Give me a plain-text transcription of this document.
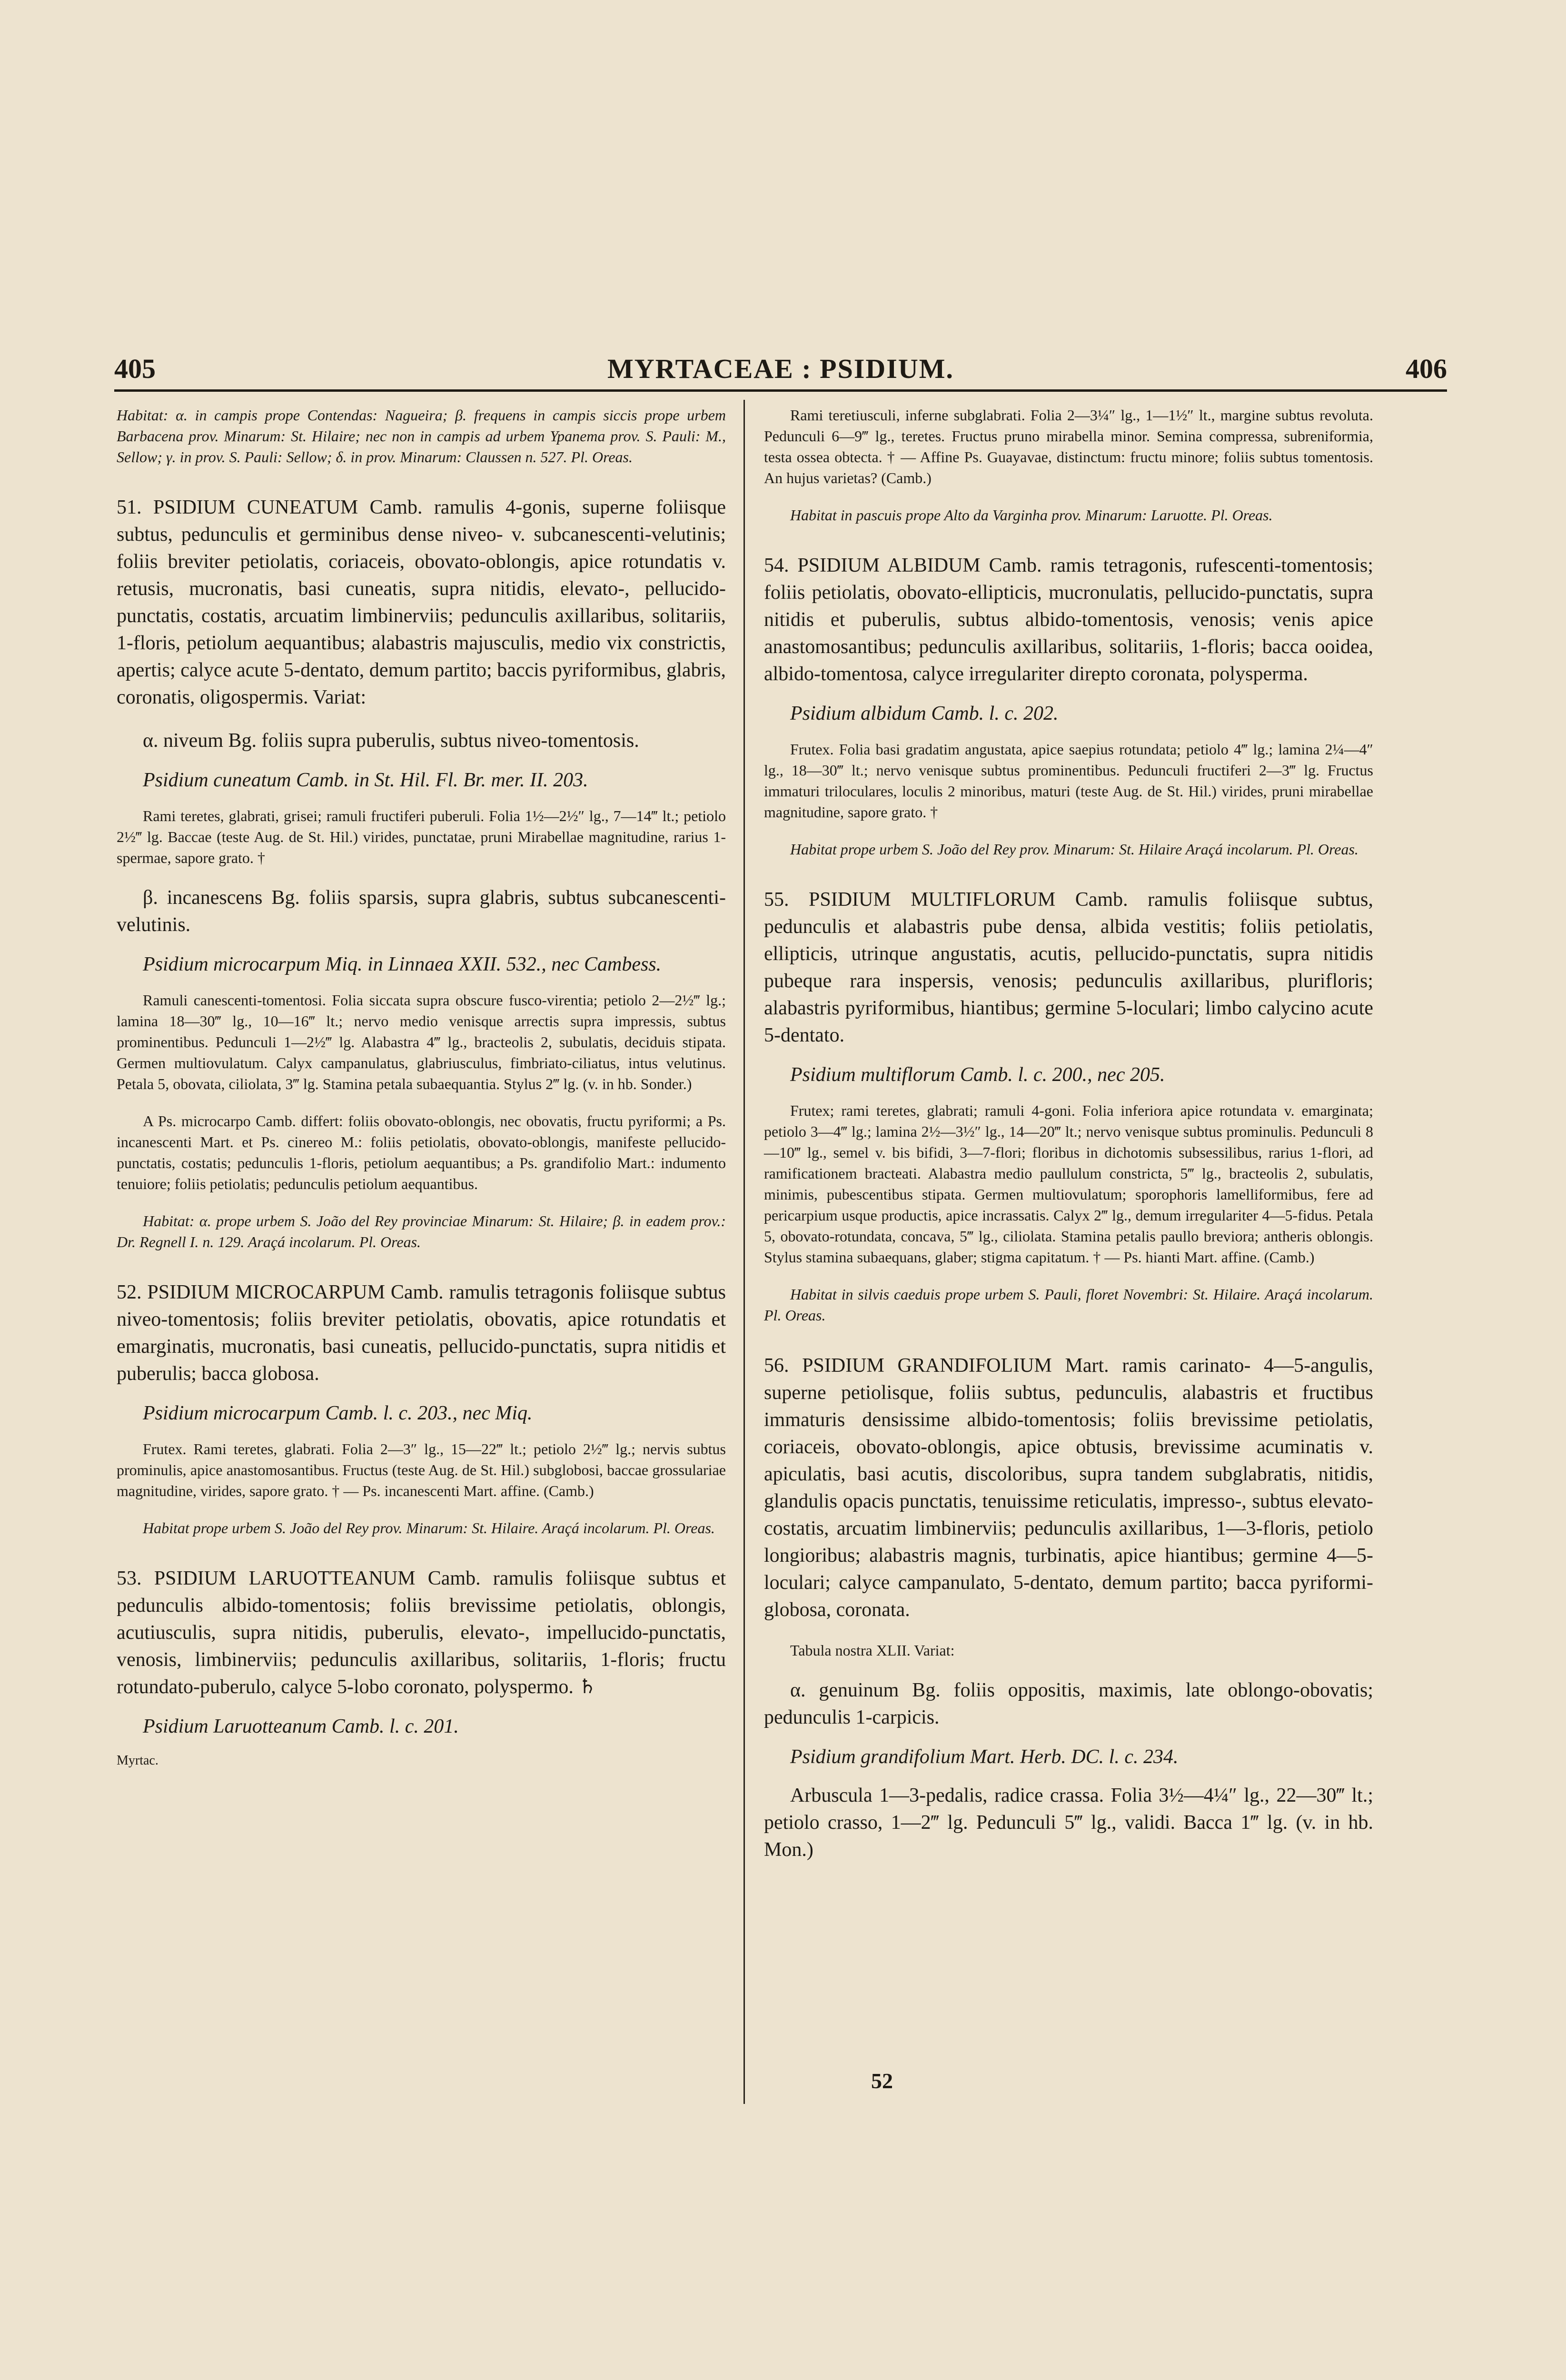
405	MYRTACEAE : PSIDIUM.	406

Habitat: α. in campis prope Contendas: Nagueira; β. frequens in campis siccis prope urbem Barbacena prov. Minarum: St. Hilaire; nec non in campis ad urbem Ypanema prov. S. Pauli: M., Sellow; γ. in prov. S. Pauli: Sellow; δ. in prov. Minarum: Claussen n. 527. Pl. Oreas.

51. PSIDIUM CUNEATUM Camb. ramulis 4-gonis, superne foliisque subtus, pedunculis et germinibus dense niveo- v. subcanescenti-velutinis; foliis breviter petiolatis, coriaceis, obovato-oblongis, apice rotundatis v. retusis, mucronatis, basi cuneatis, supra nitidis, elevato-, pellucido-punctatis, costatis, arcuatim limbinerviis; pedunculis axillaribus, solitariis, 1-floris, petiolum aequantibus; alabastris majusculis, medio vix constrictis, apertis; calyce acute 5-dentato, demum partito; baccis pyriformibus, glabris, coronatis, oligospermis. Variat:

α. niveum Bg. foliis supra puberulis, subtus niveo-tomentosis.

Psidium cuneatum Camb. in St. Hil. Fl. Br. mer. II. 203.

Rami teretes, glabrati, grisei; ramuli fructiferi puberuli. Folia 1½—2½″ lg., 7—14‴ lt.; petiolo 2½‴ lg. Baccae (teste Aug. de St. Hil.) virides, punctatae, pruni Mirabellae magnitudine, rarius 1-spermae, sapore grato. †

β. incanescens Bg. foliis sparsis, supra glabris, subtus subcanescenti-velutinis.

Psidium microcarpum Miq. in Linnaea XXII. 532., nec Cambess.

Ramuli canescenti-tomentosi. Folia siccata supra obscure fusco-virentia; petiolo 2—2½‴ lg.; lamina 18—30‴ lg., 10—16‴ lt.; nervo medio venisque arrectis supra impressis, subtus prominentibus. Pedunculi 1—2½‴ lg. Alabastra 4‴ lg., bracteolis 2, subulatis, deciduis stipata. Germen multiovulatum. Calyx campanulatus, glabriusculus, fimbriato-ciliatus, intus velutinus. Petala 5, obovata, ciliolata, 3‴ lg. Stamina petala subaequantia. Stylus 2‴ lg. (v. in hb. Sonder.)

A Ps. microcarpo Camb. differt: foliis obovato-oblongis, nec obovatis, fructu pyriformi; a Ps. incanescenti Mart. et Ps. cinereo M.: foliis petiolatis, obovato-oblongis, manifeste pellucido-punctatis, costatis; pedunculis 1-floris, petiolum aequantibus; a Ps. grandifolio Mart.: indumento tenuiore; foliis petiolatis; pedunculis petiolum aequantibus.

Habitat: α. prope urbem S. João del Rey provinciae Minarum: St. Hilaire; β. in eadem prov.: Dr. Regnell I. n. 129. Araçá incolarum. Pl. Oreas.

52. PSIDIUM MICROCARPUM Camb. ramulis tetragonis foliisque subtus niveo-tomentosis; foliis breviter petiolatis, obovatis, apice rotundatis et emarginatis, mucronatis, basi cuneatis, pellucido-punctatis, supra nitidis et puberulis; bacca globosa.

Psidium microcarpum Camb. l. c. 203., nec Miq.

Frutex. Rami teretes, glabrati. Folia 2—3″ lg., 15—22‴ lt.; petiolo 2½‴ lg.; nervis subtus prominulis, apice anastomosantibus. Fructus (teste Aug. de St. Hil.) subglobosi, baccae grossulariae magnitudine, virides, sapore grato. † — Ps. incanescenti Mart. affine. (Camb.)

Habitat prope urbem S. João del Rey prov. Minarum: St. Hilaire. Araçá incolarum. Pl. Oreas.

53. PSIDIUM LARUOTTEANUM Camb. ramulis foliisque subtus et pedunculis albido-tomentosis; foliis brevissime petiolatis, oblongis, acutiusculis, supra nitidis, puberulis, elevato-, impellucido-punctatis, venosis, limbinerviis; pedunculis axillaribus, solitariis, 1-floris; fructu rotundato-puberulo, calyce 5-lobo coronato, polyspermo. ♄

Psidium Laruotteanum Camb. l. c. 201.

Myrtac.

Rami teretiusculi, inferne subglabrati. Folia 2—3¼″ lg., 1—1½″ lt., margine subtus revoluta. Pedunculi 6—9‴ lg., teretes. Fructus pruno mirabella minor. Semina compressa, subreniformia, testa ossea obtecta. † — Affine Ps. Guayavae, distinctum: fructu minore; foliis subtus tomentosis. An hujus varietas? (Camb.)

Habitat in pascuis prope Alto da Varginha prov. Minarum: Laruotte. Pl. Oreas.

54. PSIDIUM ALBIDUM Camb. ramis tetragonis, rufescenti-tomentosis; foliis petiolatis, obovato-ellipticis, mucronulatis, pellucido-punctatis, supra nitidis et puberulis, subtus albido-tomentosis, venosis; venis apice anastomosantibus; pedunculis axillaribus, solitariis, 1-floris; bacca ooidea, albido-tomentosa, calyce irregulariter direpto coronata, polysperma.

Psidium albidum Camb. l. c. 202.

Frutex. Folia basi gradatim angustata, apice saepius rotundata; petiolo 4‴ lg.; lamina 2¼—4″ lg., 18—30‴ lt.; nervo venisque subtus prominentibus. Pedunculi fructiferi 2—3‴ lg. Fructus immaturi triloculares, loculis 2 minoribus, maturi (teste Aug. de St. Hil.) virides, pruni mirabellae magnitudine, sapore grato. †

Habitat prope urbem S. João del Rey prov. Minarum: St. Hilaire Araçá incolarum. Pl. Oreas.

55. PSIDIUM MULTIFLORUM Camb. ramulis foliisque subtus, pedunculis et alabastris pube densa, albida vestitis; foliis petiolatis, ellipticis, utrinque angustatis, acutis, pellucido-punctatis, supra nitidis pubeque rara inspersis, venosis; pedunculis axillaribus, plurifloris; alabastris pyriformibus, hiantibus; germine 5-loculari; limbo calycino acute 5-dentato.

Psidium multiflorum Camb. l. c. 200., nec 205.

Frutex; rami teretes, glabrati; ramuli 4-goni. Folia inferiora apice rotundata v. emarginata; petiolo 3—4‴ lg.; lamina 2½—3½″ lg., 14—20‴ lt.; nervo venisque subtus prominulis. Pedunculi 8—10‴ lg., semel v. bis bifidi, 3—7-flori; floribus in dichotomis subsessilibus, rarius 1-flori, ad ramificationem bracteati. Alabastra medio paullulum constricta, 5‴ lg., bracteolis 2, subulatis, minimis, pubescentibus stipata. Germen multiovulatum; sporophoris lamelliformibus, fere ad pericarpium usque productis, apice incrassatis. Calyx 2‴ lg., demum irregulariter 4—5-fidus. Petala 5, obovato-rotundata, concava, 5‴ lg., ciliolata. Stamina petalis paullo breviora; antheris oblongis. Stylus stamina subaequans, glaber; stigma capitatum. † — Ps. hianti Mart. affine. (Camb.)

Habitat in silvis caeduis prope urbem S. Pauli, floret Novembri: St. Hilaire. Araçá incolarum. Pl. Oreas.

56. PSIDIUM GRANDIFOLIUM Mart. ramis carinato- 4—5-angulis, superne petiolisque, foliis subtus, pedunculis, alabastris et fructibus immaturis densissime albido-tomentosis; foliis brevissime petiolatis, coriaceis, obovato-oblongis, apice obtusis, brevissime acuminatis v. apiculatis, basi acutis, discoloribus, supra tandem subglabratis, nitidis, glandulis opacis punctatis, tenuissime reticulatis, impresso-, subtus elevato-costatis, arcuatim limbinerviis; pedunculis axillaribus, 1—3-floris, petiolo longioribus; alabastris magnis, turbinatis, apice hiantibus; germine 4—5-loculari; calyce campanulato, 5-dentato, demum partito; bacca pyriformi-globosa, coronata.

Tabula nostra XLII. Variat:

α. genuinum Bg. foliis oppositis, maximis, late oblongo-obovatis; pedunculis 1-carpicis.

Psidium grandifolium Mart. Herb. DC. l. c. 234.

Arbuscula 1—3-pedalis, radice crassa. Folia 3½—4¼″ lg., 22—30‴ lt.; petiolo crasso, 1—2‴ lg. Pedunculi 5‴ lg., validi. Bacca 1‴ lg. (v. in hb. Mon.)

52
